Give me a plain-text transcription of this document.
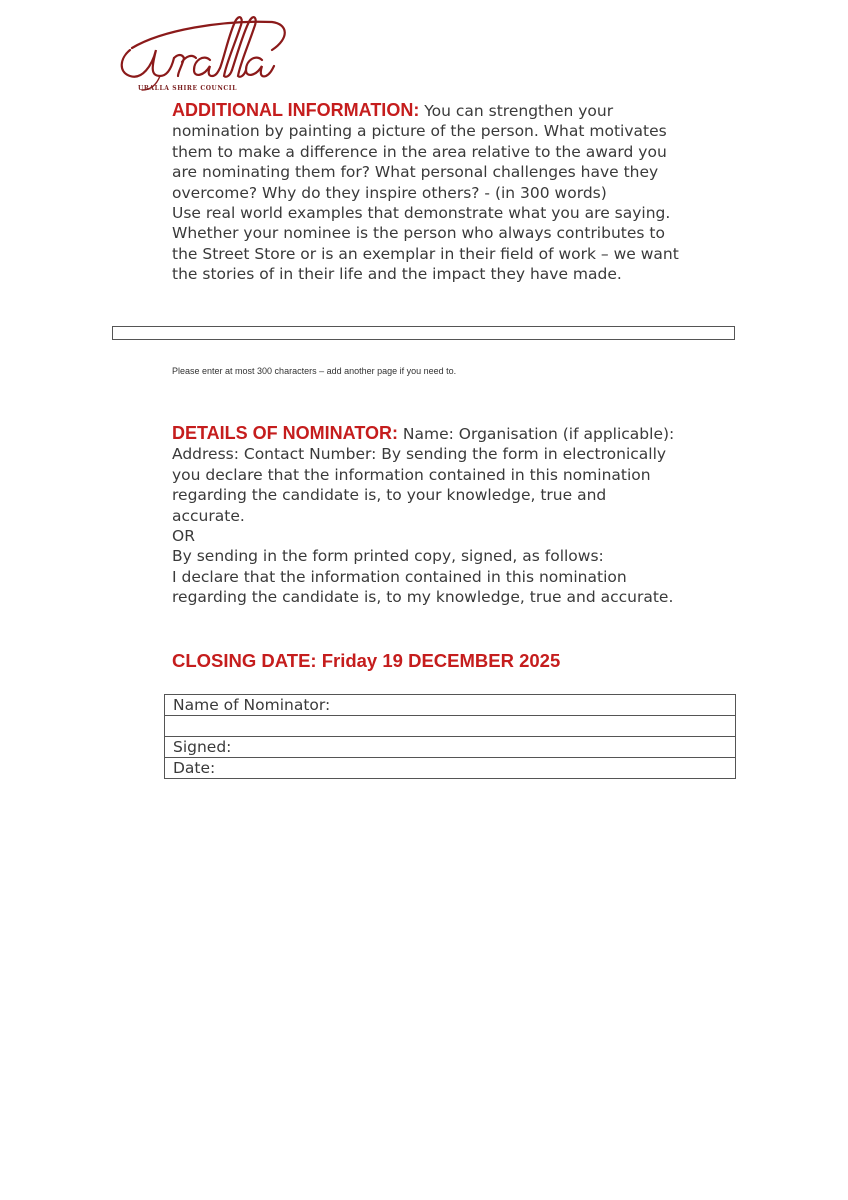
URALLA SHIRE COUNCIL

ADDITIONAL INFORMATION: You can strengthen your nomination by painting a picture of the person. What motivates them to make a difference in the area relative to the award you are nominating them for? What personal challenges have they overcome? Why do they inspire others? - (in 300 words)

Use real world examples that demonstrate what you are saying. Whether your nominee is the person who always contributes to the Street Store or is an exemplar in their field of work – we want the stories of in their life and the impact they have made.

Please enter at most 300 characters – add another page if you need to.

DETAILS OF NOMINATOR: Name: Organisation (if applicable): Address: Contact Number: By sending the form in electronically you declare that the information contained in this nomination regarding the candidate is, to your knowledge, true and accurate.

OR

By sending in the form printed copy, signed, as follows:

I declare that the information contained in this nomination regarding the candidate is, to my knowledge, true and accurate.

CLOSING DATE: Friday 19 DECEMBER 2025
Name of Nominator:

Signed:
Date:
